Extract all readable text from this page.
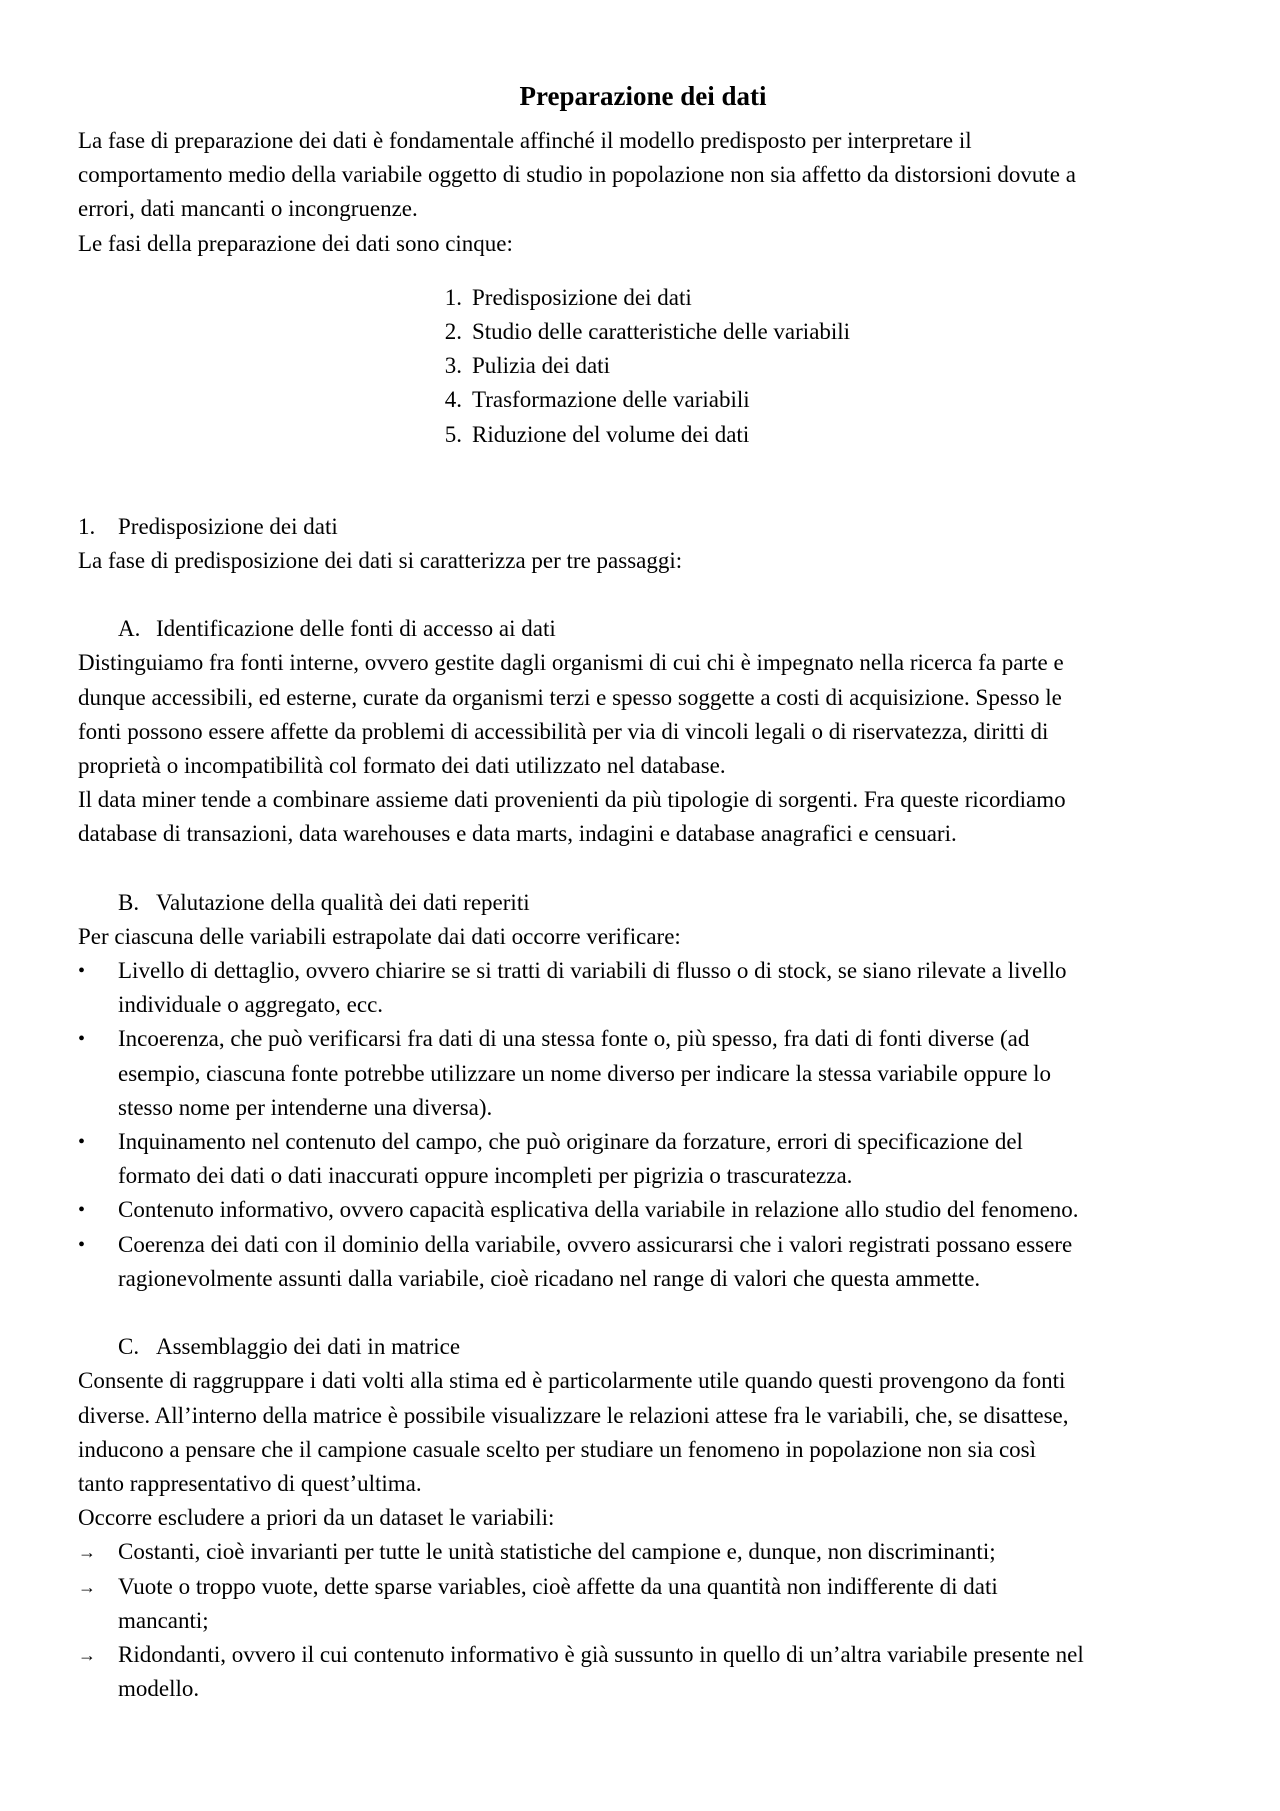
Preparazione dei dati

La fase di preparazione dei dati è fondamentale affinché il modello predisposto per interpretare il

comportamento medio della variabile oggetto di studio in popolazione non sia affetto da distorsioni dovute a

errori, dati mancanti o incongruenze.

Le fasi della preparazione dei dati sono cinque:

1. Predisposizione dei dati
2. Studio delle caratteristiche delle variabili
3. Pulizia dei dati
4. Trasformazione delle variabili
5. Riduzione del volume dei dati
1. Predisposizione dei dati

La fase di predisposizione dei dati si caratterizza per tre passaggi:

A. Identificazione delle fonti di accesso ai dati

Distinguiamo fra fonti interne, ovvero gestite dagli organismi di cui chi è impegnato nella ricerca fa parte e

dunque accessibili, ed esterne, curate da organismi terzi e spesso soggette a costi di acquisizione. Spesso le

fonti possono essere affette da problemi di accessibilità per via di vincoli legali o di riservatezza, diritti di

proprietà o incompatibilità col formato dei dati utilizzato nel database.

Il data miner tende a combinare assieme dati provenienti da più tipologie di sorgenti. Fra queste ricordiamo

database di transazioni, data warehouses e data marts, indagini e database anagrafici e censuari.

B. Valutazione della qualità dei dati reperiti

Per ciascuna delle variabili estrapolate dai dati occorre verificare:

•	Livello di dettaglio, ovvero chiarire se si tratti di variabili di flusso o di stock, se siano rilevate a livello
individuale o aggregato, ecc.
•	Incoerenza, che può verificarsi fra dati di una stessa fonte o, più spesso, fra dati di fonti diverse (ad
esempio, ciascuna fonte potrebbe utilizzare un nome diverso per indicare la stessa variabile oppure lo
stesso nome per intenderne una diversa).
•	Inquinamento nel contenuto del campo, che può originare da forzature, errori di specificazione del
formato dei dati o dati inaccurati oppure incompleti per pigrizia o trascuratezza.
•	Contenuto informativo, ovvero capacità esplicativa della variabile in relazione allo studio del fenomeno.
•	Coerenza dei dati con il dominio della variabile, ovvero assicurarsi che i valori registrati possano essere
ragionevolmente assunti dalla variabile, cioè ricadano nel range di valori che questa ammette.
C. Assemblaggio dei dati in matrice

Consente di raggruppare i dati volti alla stima ed è particolarmente utile quando questi provengono da fonti

diverse. All’interno della matrice è possibile visualizzare le relazioni attese fra le variabili, che, se disattese,

inducono a pensare che il campione casuale scelto per studiare un fenomeno in popolazione non sia così

tanto rappresentativo di quest’ultima.

Occorre escludere a priori da un dataset le variabili:

→ Costanti, cioè invarianti per tutte le unità statistiche del campione e, dunque, non discriminanti;
→ Vuote o troppo vuote, dette sparse variables, cioè affette da una quantità non indifferente di dati
mancanti;
→ Ridondanti, ovvero il cui contenuto informativo è già sussunto in quello di un’altra variabile presente nel
modello.
